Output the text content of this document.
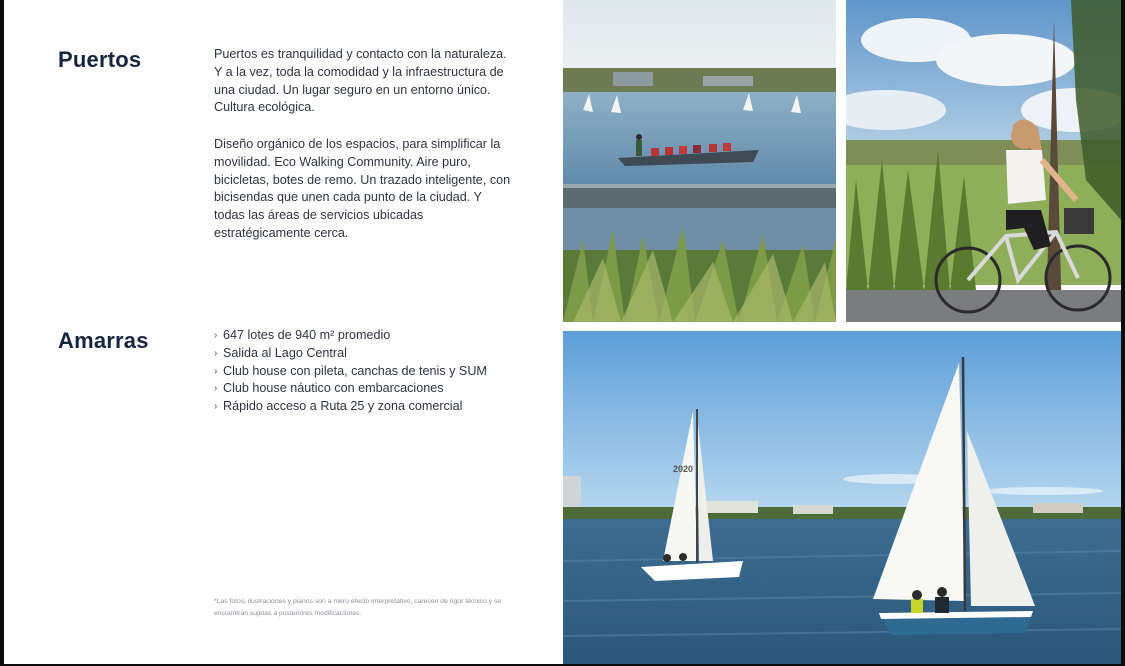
Puertos	Puertos es tranquilidad y contacto con la naturaleza. Y a la vez, toda la comodidad y la infraestructura de una ciudad. Un lugar seguro en un entorno único. Cultura ecológica.

Diseño orgánico de los espacios, para simplificar la movilidad. Eco Walking Community. Aire puro, bicicletas, botes de remo. Un trazado inteligente, con bicisendas que unen cada punto de la ciudad. Y todas las áreas de servicios ubicadas estratégicamente cerca.

Amarras	› 647 lotes de 940 m² promedio
› Salida al Lago Central
› Club house con pileta, canchas de tenis y SUM
› Club house náutico con embarcaciones
› Rápido acceso a Ruta 25 y zona comercial

*Las fotos, ilustraciones y planos son a mero efecto interpretativo, carecen de rigor técnico y se encuentran sujetas a posteriores modificaciones.

2020
